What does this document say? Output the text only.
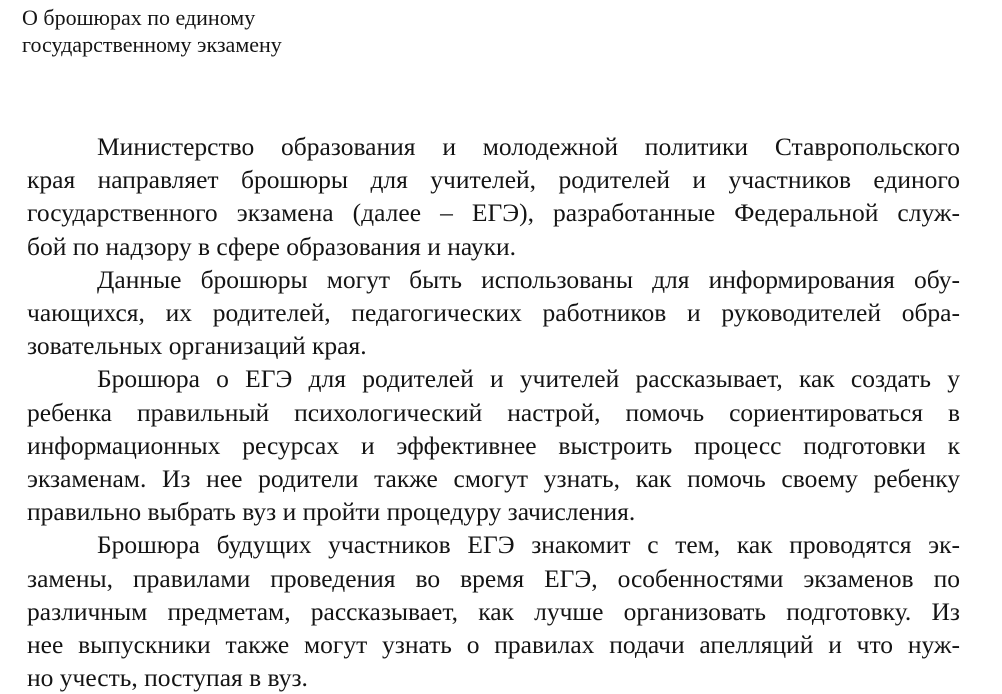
О брошюрах по единому
государственному экзамену
Министерство образования и молодежной политики Ставропольского
края направляет брошюры для учителей, родителей и участников единого
государственного экзамена (далее – ЕГЭ), разработанные Федеральной служ-
бой по надзору в сфере образования и науки.
Данные брошюры могут быть использованы для информирования обу-
чающихся, их родителей, педагогических работников и руководителей обра-
зовательных организаций края.
Брошюра о ЕГЭ для родителей и учителей рассказывает, как создать у
ребенка правильный психологический настрой, помочь сориентироваться в
информационных ресурсах и эффективнее выстроить процесс подготовки к
экзаменам. Из нее родители также смогут узнать, как помочь своему ребенку
правильно выбрать вуз и пройти процедуру зачисления.
Брошюра будущих участников ЕГЭ знакомит с тем, как проводятся эк-
замены, правилами проведения во время ЕГЭ, особенностями экзаменов по
различным предметам, рассказывает, как лучше организовать подготовку. Из
нее выпускники также могут узнать о правилах подачи апелляций и что нуж-
но учесть, поступая в вуз.
